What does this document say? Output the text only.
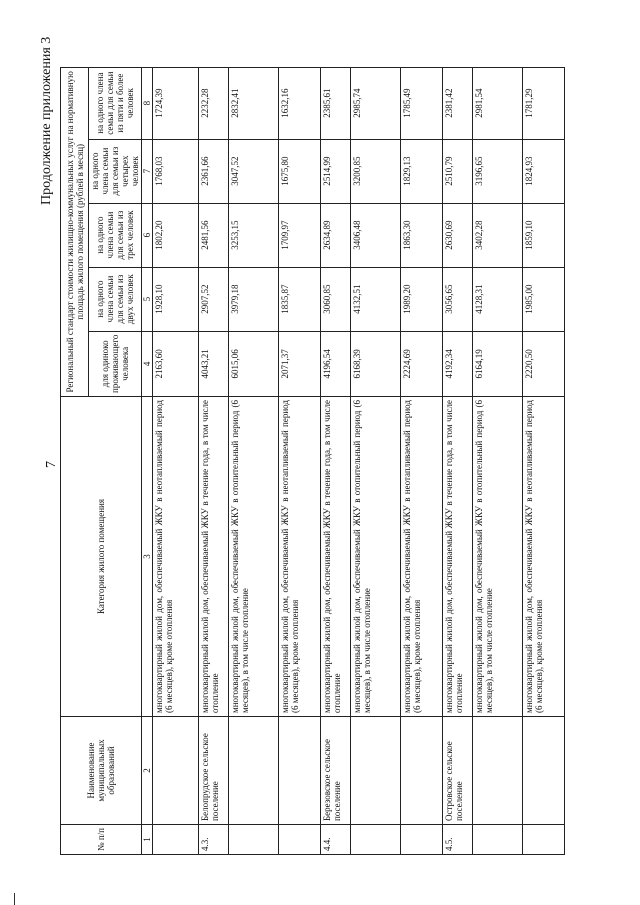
7
Продолжение приложения 3
№ п/п	Наименование муниципальных образований	Категория жилого помещения	Региональный стандарт стоимости жилищно-коммунальных услуг на нормативную площадь жилого помещения (рублей в месяц)				
			для одиноко проживающего человека	на одного члена семьи для семьи из двух человек	на одного члена семьи для семьи из трех человек	на одного члена семьи для семьи из четырех человек	на одного члена семьи для семьи из пяти и более человек
1	2	3	4	5	6	7	8
		многоквартирный жилой дом, обеспечиваемый ЖКУ в неотапливаемый период (6 месяцев), кроме отопления	2163,60	1928,10	1802,20	1768,03	1724,39
4.3.	Белопрудское сельское поселение	многоквартирный жилой дом, обеспечиваемый ЖКУ в течение года, в том числе отопление	4043,21	2907,52	2481,56	2361,66	2232,28
		многоквартирный жилой дом, обеспечиваемый ЖКУ в отопительный период (6 месяцев), в том числе отопление	6015,06	3979,18	3253,15	3047,52	2832,41
		многоквартирный жилой дом, обеспечиваемый ЖКУ в неотапливаемый период (6 месяцев), кроме отопления	2071,37	1835,87	1709,97	1675,80	1632,16
4.4.	Березовское сельское поселение	многоквартирный жилой дом, обеспечиваемый ЖКУ в течение года, в том числе отопление	4196,54	3060,85	2634,89	2514,99	2385,61
		многоквартирный жилой дом, обеспечиваемый ЖКУ в отопительный период (6 месяцев), в том числе отопление	6168,39	4132,51	3406,48	3200,85	2985,74
		многоквартирный жилой дом, обеспечиваемый ЖКУ в неотапливаемый период (6 месяцев), кроме отопления	2224,69	1989,20	1863,30	1829,13	1785,49
4.5.	Островское сельское поселение	многоквартирный жилой дом, обеспечиваемый ЖКУ в течение года, в том числе отопление	4192,34	3056,65	2630,69	2510,79	2381,42
		многоквартирный жилой дом, обеспечиваемый ЖКУ в отопительный период (6 месяцев), в том числе отопление	6164,19	4128,31	3402,28	3196,65	2981,54
		многоквартирный жилой дом, обеспечиваемый ЖКУ в неотапливаемый период (6 месяцев), кроме отопления	2220,50	1985,00	1859,10	1824,93	1781,29
